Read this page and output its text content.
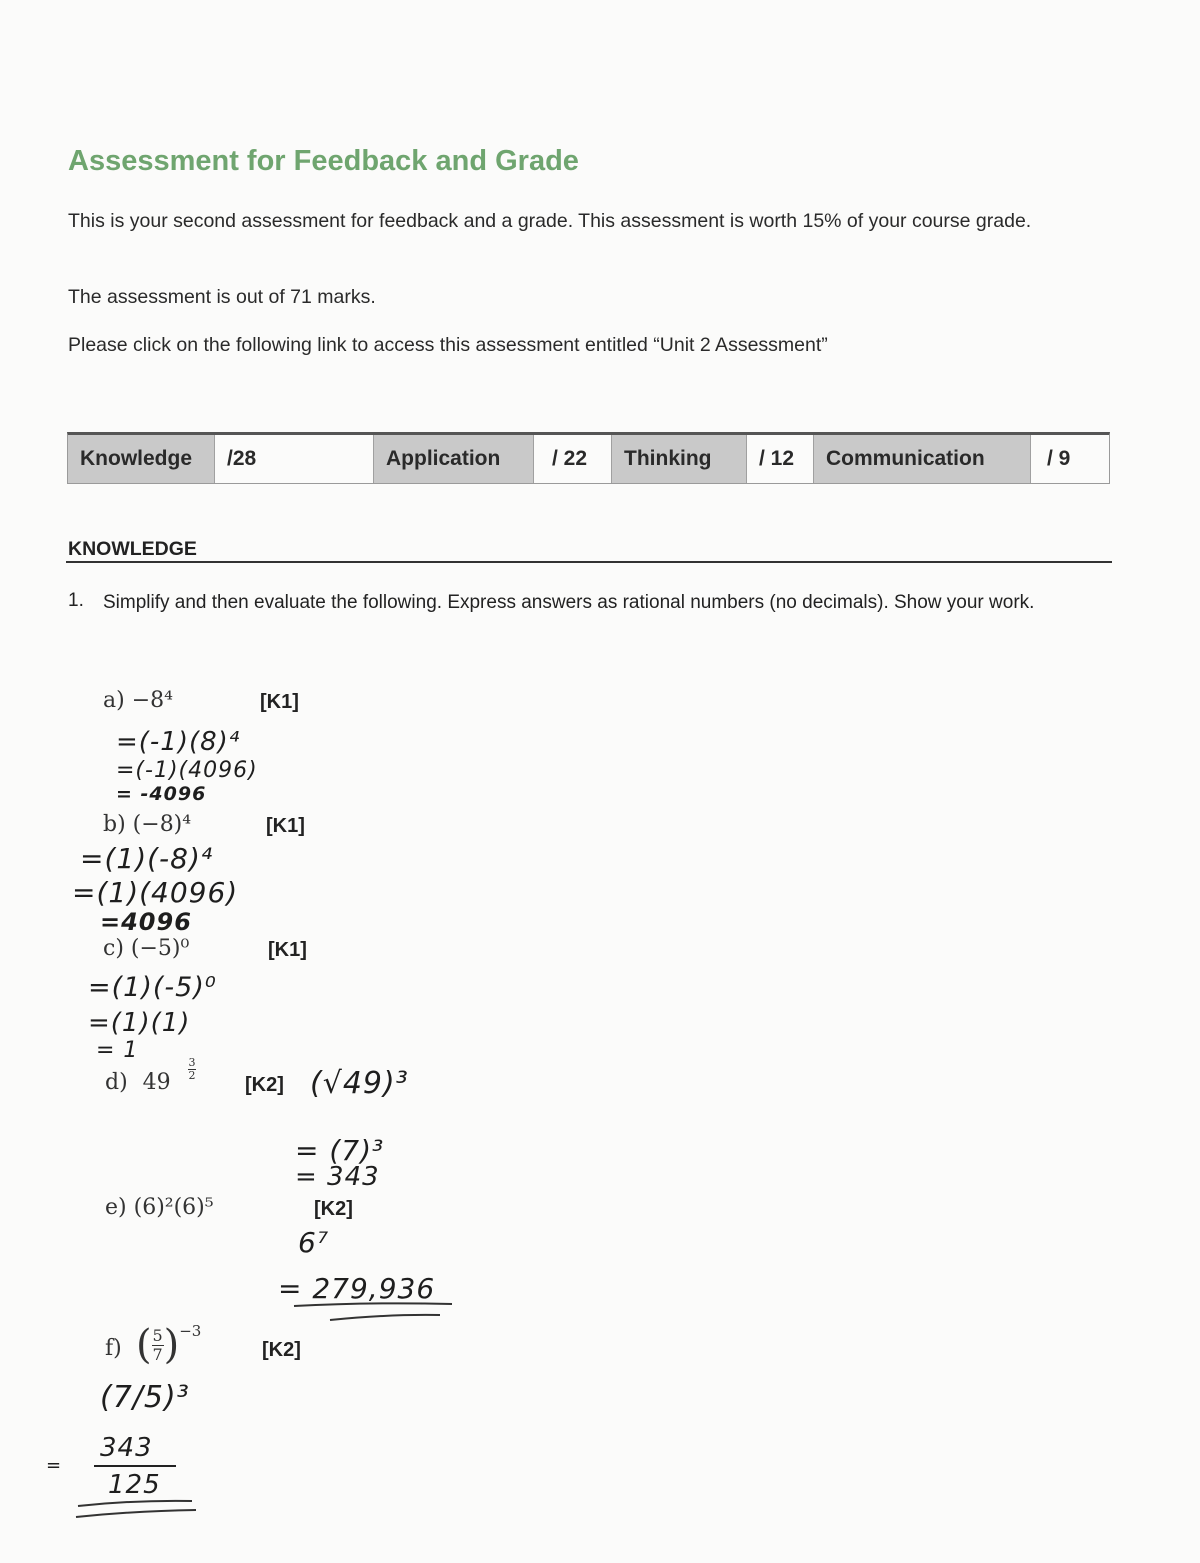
Assessment for Feedback and Grade
This is your second assessment for feedback and a grade. This assessment is worth 15% of your course grade.
The assessment is out of 71 marks.
Please click on the following link to access this assessment entitled “Unit 2 Assessment”
Knowledge	/28	Application	/ 22	Thinking	/ 12	Communication	/ 9
KNOWLEDGE
1. Simplify and then evaluate the following. Express answers as rational numbers (no decimals). Show your work.
a) −8⁴	[K1]
=(-1)(8)⁴
=(-1)(4096)
= -4096
b) (−8)⁴	[K1]
=(1)(-8)⁴
=(1)(4096)
=4096
c) (−5)⁰	[K1]
=(1)(-5)⁰
=(1)(1)
= 1
d) 49
3
2 [K2] (√49)³
= (7)³
= 343
e) (6)²(6)⁵	[K2]
6⁷
= 279,936
f) ( $\frac{5}{7} )^{-3}$
[K2]
(7/5)³
343
125
=
